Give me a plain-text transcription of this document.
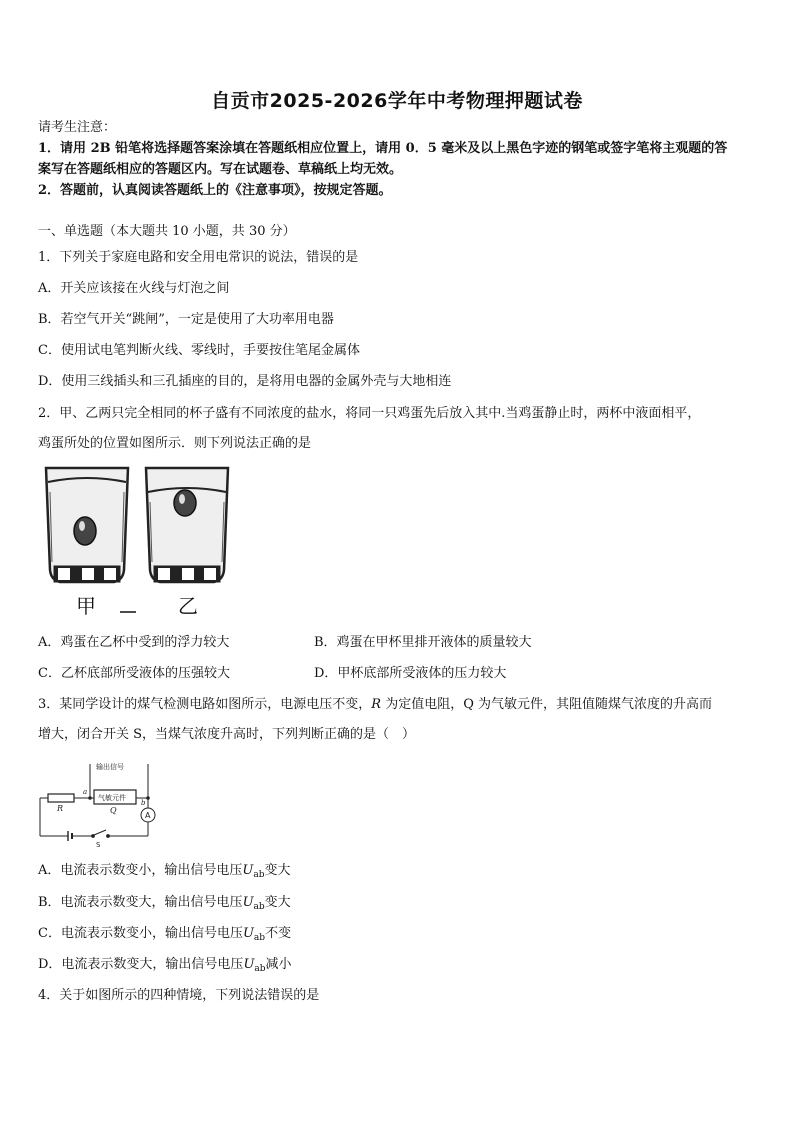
自贡市2025-2026学年中考物理押题试卷
请考生注意：
1．请用 2B 铅笔将选择题答案涂填在答题纸相应位置上，请用 0．5 毫米及以上黑色字迹的钢笔或签字笔将主观题的答
案写在答题纸相应的答题区内。写在试题卷、草稿纸上均无效。
2．答题前，认真阅读答题纸上的《注意事项》，按规定答题。
一、单选题（本大题共 10 小题，共 30 分）
1．下列关于家庭电路和安全用电常识的说法，错误的是
A．开关应该接在火线与灯泡之间
B．若空气开关“跳闸”，一定是使用了大功率用电器
C．使用试电笔判断火线、零线时，手要按住笔尾金属体
D．使用三线插头和三孔插座的目的，是将用电器的金属外壳与大地相连
2．甲、乙两只完全相同的杯子盛有不同浓度的盐水，将同一只鸡蛋先后放入其中.当鸡蛋静止时，两杯中液面相平，
鸡蛋所处的位置如图所示．则下列说法正确的是
甲	乙
A．鸡蛋在乙杯中受到的浮力较大	B．鸡蛋在甲杯里排开液体的质量较大
C．乙杯底部所受液体的压强较大	D．甲杯底部所受液体的压力较大
3．某同学设计的煤气检测电路如图所示，电源电压不变，R 为定值电阻，Q 为气敏元件，其阻值随煤气浓度的升高而
增大，闭合开关 S，当煤气浓度升高时，下列判断正确的是（　）
输出信号
气敏元件
R
a
b
Q
A
S
A．电流表示数变小，输出信号电压$U_{ab}$变大
B．电流表示数变大，输出信号电压$U_{ab}$变大
C．电流表示数变小，输出信号电压$U_{ab}$不变
D．电流表示数变大，输出信号电压$U_{ab}$减小
4．关于如图所示的四种情境，下列说法错误的是
